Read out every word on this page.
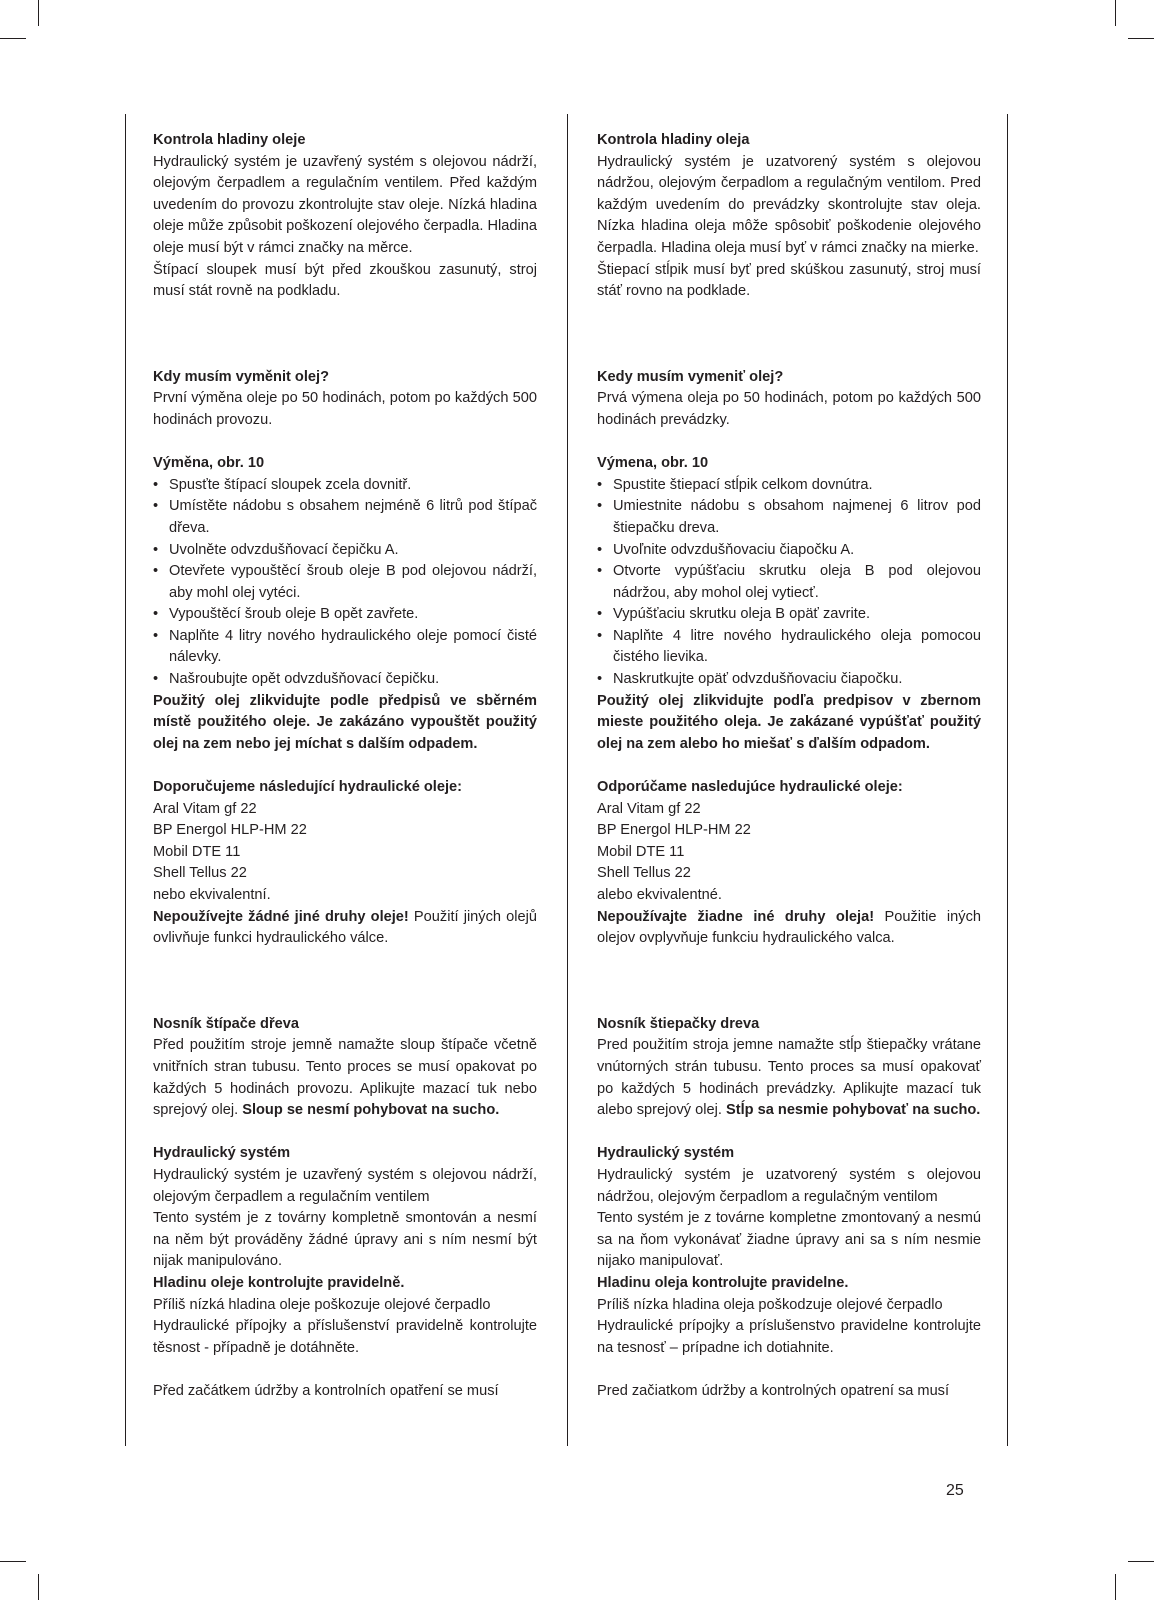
Kontrola hladiny oleje

Hydraulický systém je uzavřený systém s olejovou nádrží, olejovým čerpadlem a regulačním ventilem. Před každým uvedením do provozu zkontrolujte stav oleje. Nízká hladina oleje může způsobit poškození olejového čerpadla. Hladina oleje musí být v rámci značky na měrce.

Štípací sloupek musí být před zkouškou zasunutý, stroj musí stát rovně na podkladu.

Kdy musím vyměnit olej?

První výměna oleje po 50 hodinách, potom po každých 500 hodinách provozu.

Výměna, obr. 10

• Spusťte štípací sloupek zcela dovnitř.
• Umístěte nádobu s obsahem nejméně 6 litrů pod štípač dřeva.
• Uvolněte odvzdušňovací čepičku A.
• Otevřete vypouštěcí šroub oleje B pod olejovou nádrží, aby mohl olej vytéci.
• Vypouštěcí šroub oleje B opět zavřete.
• Naplňte 4 litry nového hydraulického oleje pomocí čisté nálevky.
• Našroubujte opět odvzdušňovací čepičku.

Použitý olej zlikvidujte podle předpisů ve sběrném místě použitého oleje. Je zakázáno vypouštět použitý olej na zem nebo jej míchat s dalším odpadem.

Doporučujeme následující hydraulické oleje:

Aral Vitam gf 22

BP Energol HLP-HM 22

Mobil DTE 11

Shell Tellus 22

nebo ekvivalentní.

Nepoužívejte žádné jiné druhy oleje! Použití jiných olejů ovlivňuje funkci hydraulického válce.

Nosník štípače dřeva

Před použitím stroje jemně namažte sloup štípače včetně vnitřních stran tubusu. Tento proces se musí opakovat po každých 5 hodinách provozu. Aplikujte mazací tuk nebo sprejový olej. Sloup se nesmí pohybovat na sucho.

Hydraulický systém

Hydraulický systém je uzavřený systém s olejovou nádrží, olejovým čerpadlem a regulačním ventilem

Tento systém je z továrny kompletně smontován a nesmí na něm být prováděny žádné úpravy ani s ním nesmí být nijak manipulováno.

Hladinu oleje kontrolujte pravidelně.

Příliš nízká hladina oleje poškozuje olejové čerpadlo

Hydraulické přípojky a příslušenství pravidelně kontrolujte těsnost - případně je dotáhněte.

Před začátkem údržby a kontrolních opatření se musí

Kontrola hladiny oleja

Hydraulický systém je uzatvorený systém s olejovou nádržou, olejovým čerpadlom a regulačným ventilom. Pred každým uvedením do prevádzky skontrolujte stav oleja. Nízka hladina oleja môže spôsobiť poškodenie olejového čerpadla. Hladina oleja musí byť v rámci značky na mierke.

Štiepací stĺpik musí byť pred skúškou zasunutý, stroj musí stáť rovno na podklade.

Kedy musím vymeniť olej?

Prvá výmena oleja po 50 hodinách, potom po každých 500 hodinách prevádzky.

Výmena, obr. 10

• Spustite štiepací stĺpik celkom dovnútra.
• Umiestnite nádobu s obsahom najmenej 6 litrov pod štiepačku dreva.
• Uvoľnite odvzdušňovaciu čiapočku A.
• Otvorte vypúšťaciu skrutku oleja B pod olejovou nádržou, aby mohol olej vytiecť.
• Vypúšťaciu skrutku oleja B opäť zavrite.
• Naplňte 4 litre nového hydraulického oleja pomocou čistého lievika.
• Naskrutkujte opäť odvzdušňovaciu čiapočku.

Použitý olej zlikvidujte podľa predpisov v zbernom mieste použitého oleja. Je zakázané vypúšťať použitý olej na zem alebo ho miešať s ďalším odpadom.

Odporúčame nasledujúce hydraulické oleje:

Aral Vitam gf 22

BP Energol HLP-HM 22

Mobil DTE 11

Shell Tellus 22

alebo ekvivalentné.

Nepoužívajte žiadne iné druhy oleja! Použitie iných olejov ovplyvňuje funkciu hydraulického valca.

Nosník štiepačky dreva

Pred použitím stroja jemne namažte stĺp štiepačky vrátane vnútorných strán tubusu. Tento proces sa musí opakovať po každých 5 hodinách prevádzky. Aplikujte mazací tuk alebo sprejový olej. Stĺp sa nesmie pohybovať na sucho.

Hydraulický systém

Hydraulický systém je uzatvorený systém s olejovou nádržou, olejovým čerpadlom a regulačným ventilom

Tento systém je z továrne kompletne zmontovaný a nesmú sa na ňom vykonávať žiadne úpravy ani sa s ním nesmie nijako manipulovať.

Hladinu oleja kontrolujte pravidelne.

Príliš nízka hladina oleja poškodzuje olejové čerpadlo

Hydraulické prípojky a príslušenstvo pravidelne kontrolujte na tesnosť – prípadne ich dotiahnite.

Pred začiatkom údržby a kontrolných opatrení sa musí

25
